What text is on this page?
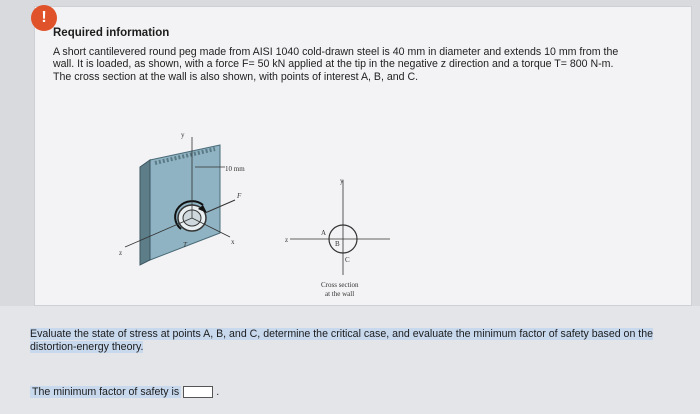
!
Required information
A short cantilevered round peg made from AISI 1040 cold-drawn steel is 40 mm in diameter and extends 10 mm from the
wall. It is loaded, as shown, with a force F= 50 kN applied at the tip in the negative z direction and a torque T= 800 N-m.
The cross section at the wall is also shown, with points of interest A, B, and C.
y
x
z
10 mm
F
T
y
z
A
B
C
Cross section
at the wall
Evaluate the state of stress at points A, B, and C, determine the critical case, and evaluate the minimum factor of safety based on the
distortion-energy theory.
The minimum factor of safety is	.
